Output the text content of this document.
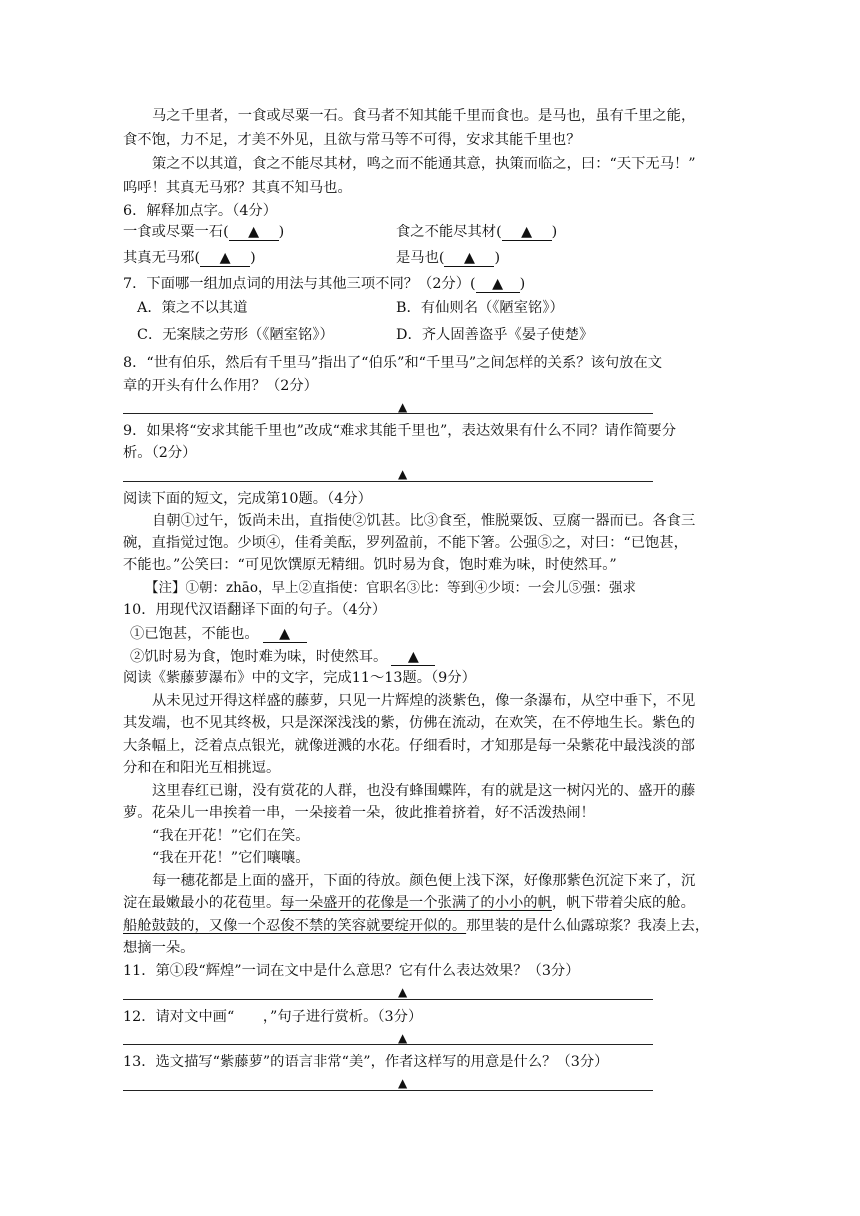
马之千里者，一食或尽粟一石。食马者不知其能千里而食也。是马也，虽有千里之能，
食不饱，力不足，才美不外见，且欲与常马等不可得，安求其能千里也？
策之不以其道，食之不能尽其材，鸣之而不能通其意，执策而临之，曰：“天下无马！”
呜呼！其真无马邪？其真不知马也。
6．解释加点字。（4分）
一食或尽粟一石( ▲ )	食之不能尽其材( ▲ )
其真无马邪( ▲ )	是马也( ▲ )
7．下面哪一组加点词的用法与其他三项不同？（2分）( ▲ )
A．策之不以其道	B．有仙则名（《陋室铭》）
C．无案牍之劳形（《陋室铭》）	D．齐人固善盗乎《晏子使楚》
8．“世有伯乐，然后有千里马”指出了“伯乐”和“千里马”之间怎样的关系？该句放在文
章的开头有什么作用？（2分）
▲
9．如果将“安求其能千里也”改成“难求其能千里也”，表达效果有什么不同？请作简要分
析。（2分）
▲
阅读下面的短文，完成第10题。（4分）
自朝①过午，饭尚未出，直指使②饥甚。比③食至，惟脱粟饭、豆腐一器而已。各食三
碗，直指觉过饱。少顷④，佳肴美酝，罗列盈前，不能下箸。公强⑤之，对曰：“已饱甚，
不能也。”公笑曰：“可见饮馔原无精细。饥时易为食，饱时难为味，时使然耳。”
【注】①朝：zhāo，早上②直指使：官职名③比：等到④少顷：一会儿⑤强：强求
10．用现代汉语翻译下面的句子。（4分）
①已饱甚，不能也。 ▲
②饥时易为食，饱时难为味，时使然耳。 ▲
阅读《紫藤萝瀑布》中的文字，完成11～13题。（9分）
从未见过开得这样盛的藤萝，只见一片辉煌的淡紫色，像一条瀑布，从空中垂下，不见
其发端，也不见其终极，只是深深浅浅的紫，仿佛在流动，在欢笑，在不停地生长。紫色的
大条幅上，泛着点点银光，就像迸溅的水花。仔细看时，才知那是每一朵紫花中最浅淡的部
分和在和阳光互相挑逗。
这里春红已谢，没有赏花的人群，也没有蜂围蝶阵，有的就是这一树闪光的、盛开的藤
萝。花朵儿一串挨着一串，一朵接着一朵，彼此推着挤着，好不活泼热闹！
“我在开花！”它们在笑。
“我在开花！”它们嚷嚷。
每一穗花都是上面的盛开，下面的待放。颜色便上浅下深，好像那紫色沉淀下来了，沉
淀在最嫩最小的花苞里。每一朵盛开的花像是一个张满了的小小的帆，帆下带着尖底的舱。
船舱鼓鼓的，又像一个忍俊不禁的笑容就要绽开似的。那里装的是什么仙露琼浆？我凑上去，
想摘一朵。
11．第①段“辉煌”一词在文中是什么意思？它有什么表达效果？（3分）
▲
12．请对文中画“　　，”句子进行赏析。（3分）
▲
13．选文描写“紫藤萝”的语言非常“美”，作者这样写的用意是什么？（3分）
▲
